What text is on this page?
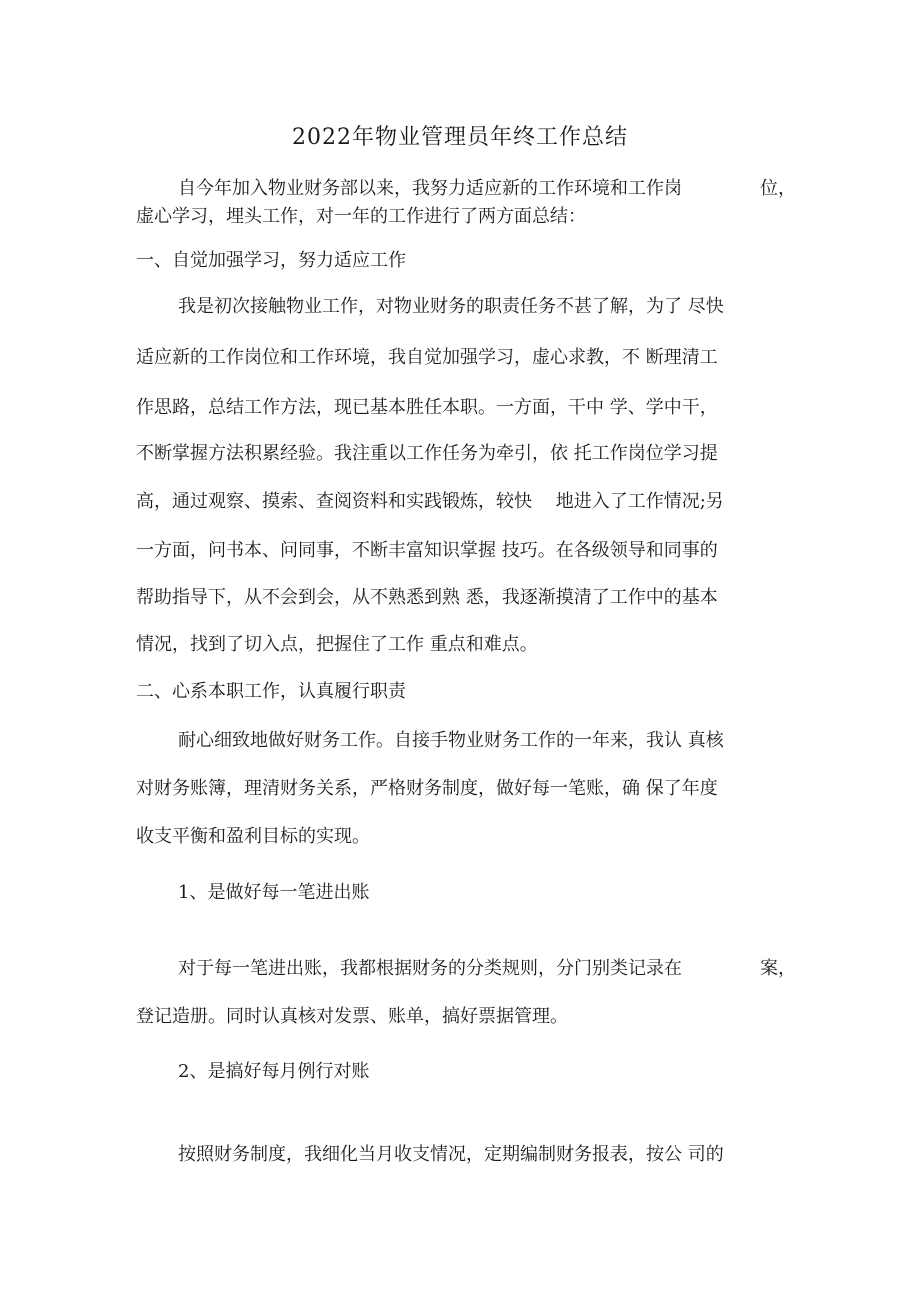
2022年物业管理员年终工作总结
自今年加入物业财务部以来，我努力适应新的工作环境和工作岗	位，
虚心学习，埋头工作，对一年的工作进行了两方面总结：
一、自觉加强学习，努力适应工作
我是初次接触物业工作，对物业财务的职责任务不甚了解，为了 尽快
适应新的工作岗位和工作环境，我自觉加强学习，虚心求教，不 断理清工
作思路，总结工作方法，现已基本胜任本职。一方面，干中 学、学中干，
不断掌握方法积累经验。我注重以工作任务为牵引，依 托工作岗位学习提
高，通过观察、摸索、查阅资料和实践锻炼，较快　 地进入了工作情况;另
一方面，问书本、问同事，不断丰富知识掌握 技巧。在各级领导和同事的
帮助指导下，从不会到会，从不熟悉到熟 悉，我逐渐摸清了工作中的基本
情况，找到了切入点，把握住了工作 重点和难点。
二、心系本职工作，认真履行职责
耐心细致地做好财务工作。自接手物业财务工作的一年来，我认 真核
对财务账簿，理清财务关系，严格财务制度，做好每一笔账，确 保了年度
收支平衡和盈利目标的实现。
1、是做好每一笔进出账
对于每一笔进出账，我都根据财务的分类规则，分门别类记录在	案，
登记造册。同时认真核对发票、账单，搞好票据管理。
2、是搞好每月例行对账
按照财务制度，我细化当月收支情况，定期编制财务报表，按公 司的
